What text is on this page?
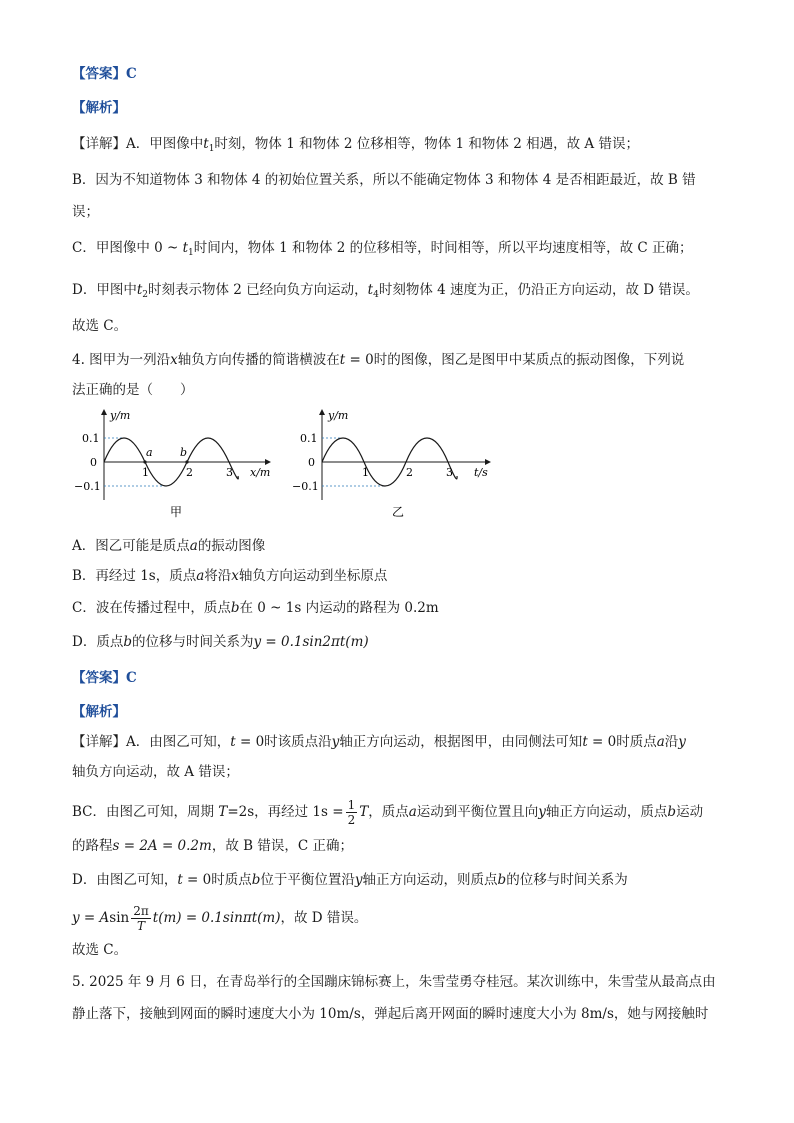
【答案】C
【解析】
【详解】A．甲图像中$t_1$时刻，物体 1 和物体 2 位移相等，物体 1 和物体 2 相遇，故 A 错误；
B．因为不知道物体 3 和物体 4 的初始位置关系，所以不能确定物体 3 和物体 4 是否相距最近，故 B 错
误；
C．甲图像中 0 ~ $t_1$时间内，物体 1 和物体 2 的位移相等，时间相等，所以平均速度相等，故 C 正确；
D．甲图中$t_2$时刻表示物体 2 已经向负方向运动，$t_4$时刻物体 4 速度为正，仍沿正方向运动，故 D 错误。
故选 C。
4. 图甲为一列沿x轴负方向传播的简谐横波在t = 0时的图像，图乙是图甲中某质点的振动图像，下列说
法正确的是（　　）
y/m
x/m
0.1
−0.1
0
1	2	3
a b
甲
y/m
t/s
0.1
−0.1
0
1	2	3
乙
A．图乙可能是质点a的振动图像
B．再经过 1s，质点a将沿x轴负方向运动到坐标原点
C．波在传播过程中，质点b在 0 ~ 1s 内运动的路程为 0.2m
D．质点b的位移与时间关系为y = 0.1sin2πt(m)
【答案】C
【解析】
【详解】A．由图乙可知，t = 0时该质点沿y轴正方向运动，根据图甲，由同侧法可知t = 0时质点a沿y
轴负方向运动，故 A 错误；
BC．由图乙可知，周期 T=2s，再经过 $1s = \frac{1}{2}$ T，质点a运动到平衡位置且向y轴正方向运动，质点b运动
的路程s = 2A = 0.2m，故 B 错误，C 正确；
D．由图乙可知，t = 0时质点b位于平衡位置沿y轴正方向运动，则质点b的位移与时间关系为
y = Asin $\frac{2\pi}{T} t(m) = 0.1\sin\pi t(m)$，故 D 错误。
故选 C。
5. 2025 年 9 月 6 日，在青岛举行的全国蹦床锦标赛上，朱雪莹勇夺桂冠。某次训练中，朱雪莹从最高点由
静止落下，接触到网面的瞬时速度大小为 10m/s，弹起后离开网面的瞬时速度大小为 8m/s，她与网接触时
